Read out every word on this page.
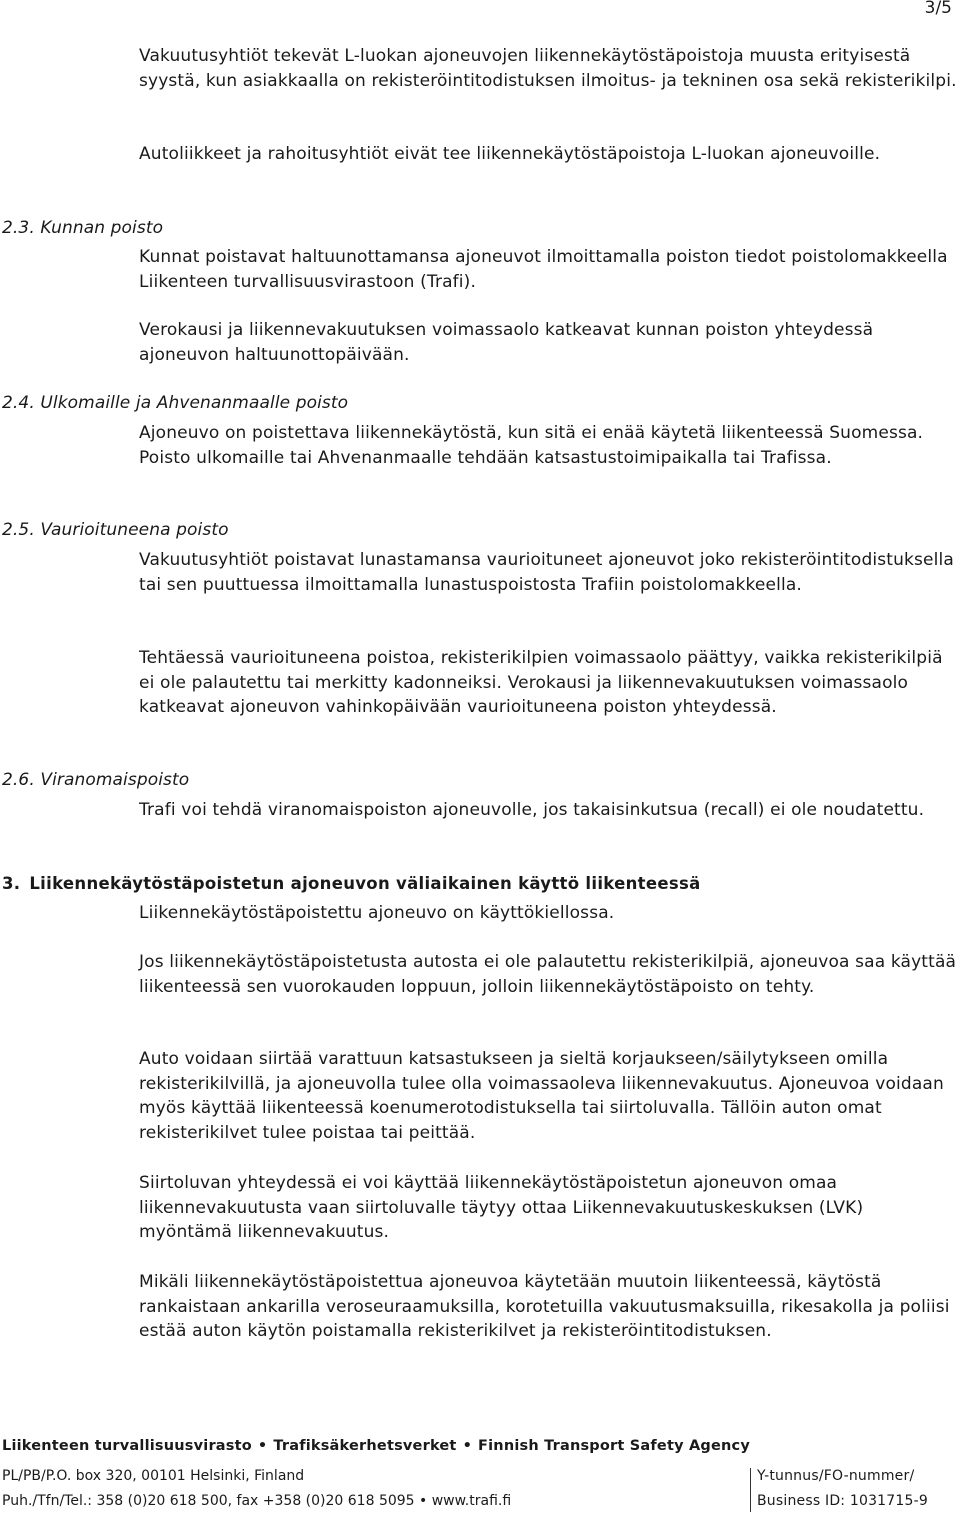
3/5
Vakuutusyhtiöt tekevät L-luokan ajoneuvojen liikennekäytöstäpoistoja muusta erityisestä syystä, kun asiakkaalla on rekisteröintitodistuksen ilmoitus- ja tekninen osa sekä rekisterikilpi.
Autoliikkeet ja rahoitusyhtiöt eivät tee liikennekäytöstäpoistoja L-luokan ajoneuvoille.
2.3. Kunnan poisto
Kunnat poistavat haltuunottamansa ajoneuvot ilmoittamalla poiston tiedot poistolomakkeella Liikenteen turvallisuusvirastoon (Trafi).
Verokausi ja liikennevakuutuksen voimassaolo katkeavat kunnan poiston yhteydessä ajoneuvon haltuunottopäivään.
2.4. Ulkomaille ja Ahvenanmaalle poisto
Ajoneuvo on poistettava liikennekäytöstä, kun sitä ei enää käytetä liikenteessä Suomessa. Poisto ulkomaille tai Ahvenanmaalle tehdään katsastustoimipaikalla tai Trafissa.
2.5. Vaurioituneena poisto
Vakuutusyhtiöt poistavat lunastamansa vaurioituneet ajoneuvot joko rekisteröintitodistuksella tai sen puuttuessa ilmoittamalla lunastuspoistosta Trafiin poistolomakkeella.
Tehtäessä vaurioituneena poistoa, rekisterikilpien voimassaolo päättyy, vaikka rekisterikilpiä ei ole palautettu tai merkitty kadonneiksi. Verokausi ja liikennevakuutuksen voimassaolo katkeavat ajoneuvon vahinkopäivään vaurioituneena poiston yhteydessä.
2.6. Viranomaispoisto
Trafi voi tehdä viranomaispoiston ajoneuvolle, jos takaisinkutsua (recall) ei ole noudatettu.
3. Liikennekäytöstäpoistetun ajoneuvon väliaikainen käyttö liikenteessä
Liikennekäytöstäpoistettu ajoneuvo on käyttökiellossa.
Jos liikennekäytöstäpoistetusta autosta ei ole palautettu rekisterikilpiä, ajoneuvoa saa käyttää liikenteessä sen vuorokauden loppuun, jolloin liikennekäytöstäpoisto on tehty.
Auto voidaan siirtää varattuun katsastukseen ja sieltä korjaukseen/säilytykseen omilla rekisterikilvillä, ja ajoneuvolla tulee olla voimassaoleva liikennevakuutus. Ajoneuvoa voidaan myös käyttää liikenteessä koenumerotodistuksella tai siirtoluvalla. Tällöin auton omat rekisterikilvet tulee poistaa tai peittää.
Siirtoluvan yhteydessä ei voi käyttää liikennekäytöstäpoistetun ajoneuvon omaa liikennevakuutusta vaan siirtoluvalle täytyy ottaa Liikennevakuutuskeskuksen (LVK) myöntämä liikennevakuutus.
Mikäli liikennekäytöstäpoistettua ajoneuvoa käytetään muutoin liikenteessä, käytöstä rankaistaan ankarilla veroseuraamuksilla, korotetuilla vakuutusmaksuilla, rikesakolla ja poliisi estää auton käytön poistamalla rekisterikilvet ja rekisteröintitodistuksen.
Liikenteen turvallisuusvirasto • Trafiksäkerhetsverket • Finnish Transport Safety Agency
PL/PB/P.O. box 320, 00101 Helsinki, Finland
Puh./Tfn/Tel.: 358 (0)20 618 500, fax +358 (0)20 618 5095 • www.trafi.fi
Y-tunnus/FO-nummer/
Business ID: 1031715-9
